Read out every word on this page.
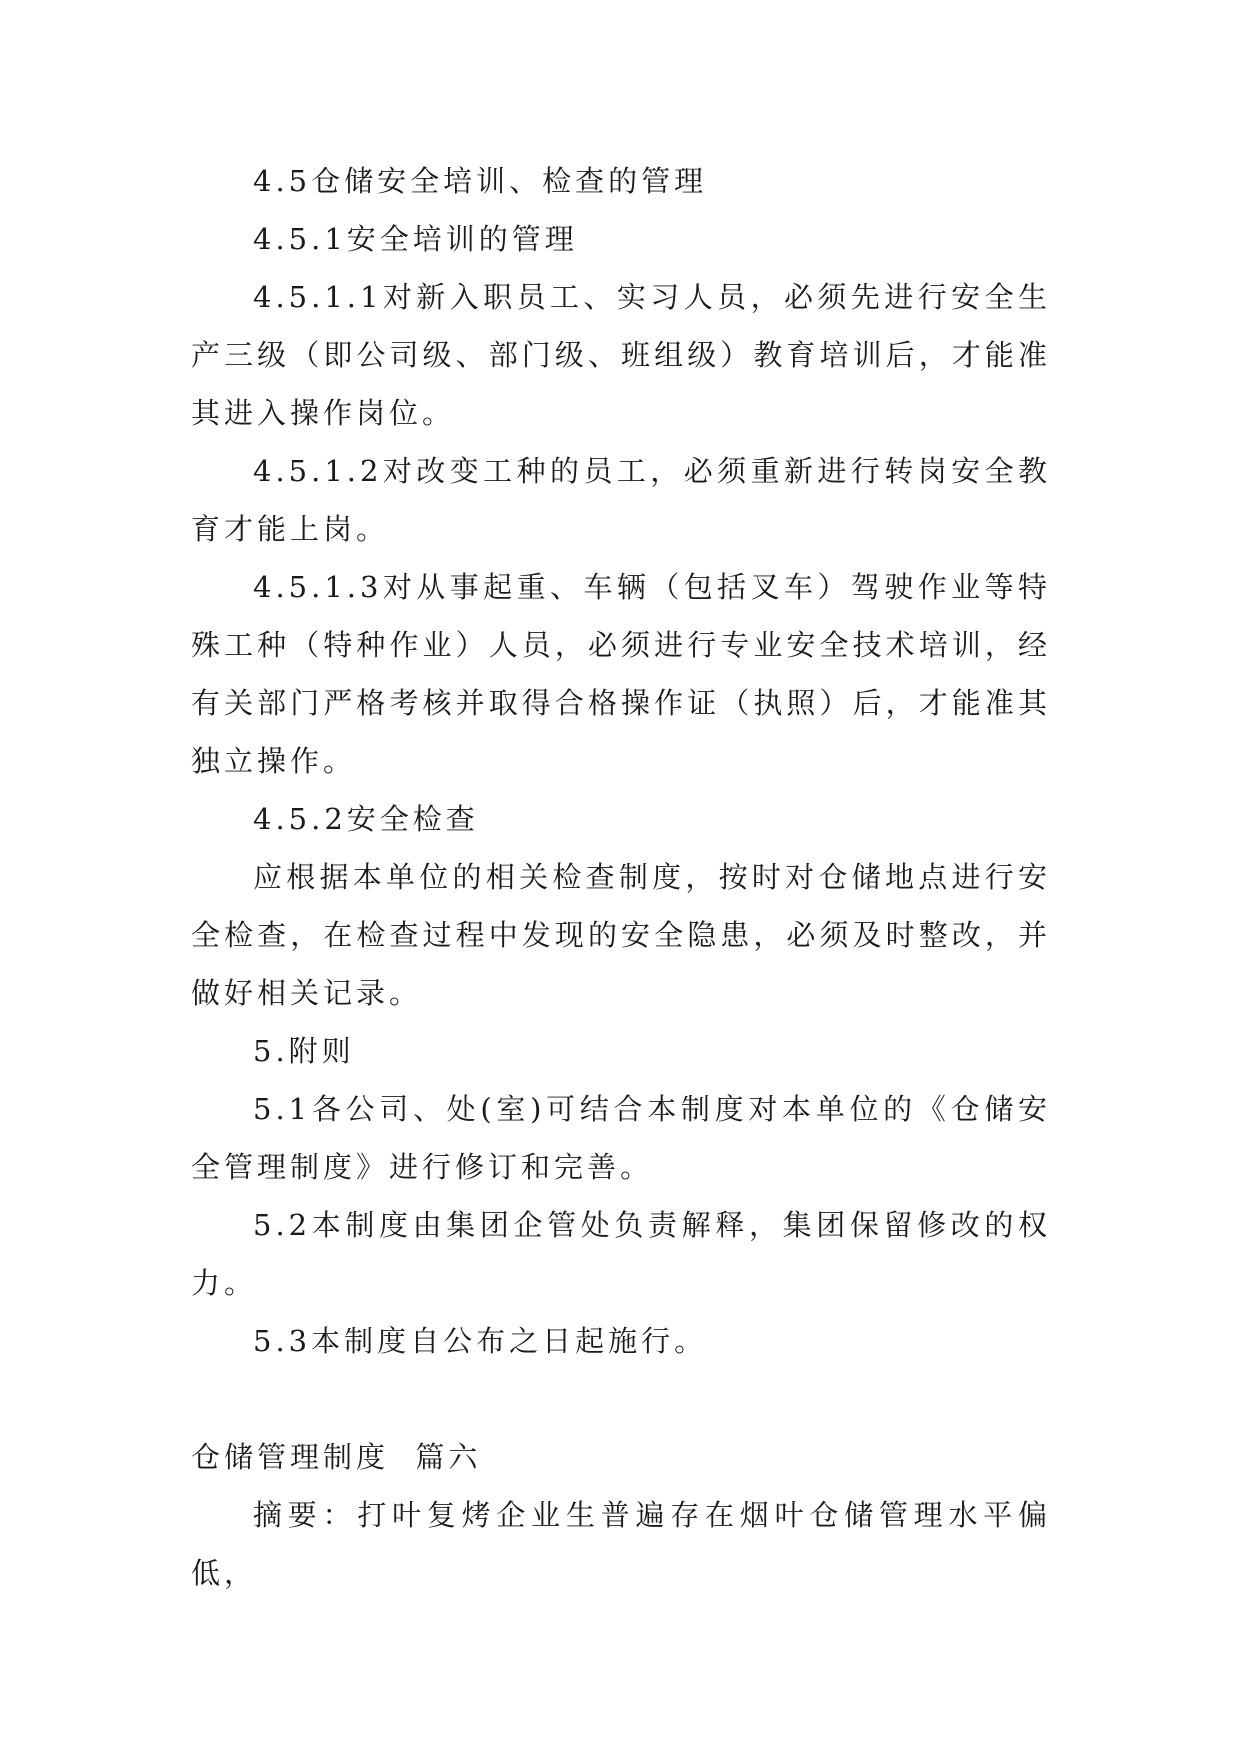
4.5仓储安全培训、检查的管理

4.5.1安全培训的管理

4.5.1.1对新入职员工、实习人员，必须先进行安全生产三级（即公司级、部门级、班组级）教育培训后，才能准其进入操作岗位。

4.5.1.2对改变工种的员工，必须重新进行转岗安全教育才能上岗。

4.5.1.3对从事起重、车辆（包括叉车）驾驶作业等特殊工种（特种作业）人员，必须进行专业安全技术培训，经有关部门严格考核并取得合格操作证（执照）后，才能准其独立操作。

4.5.2安全检查

应根据本单位的相关检查制度，按时对仓储地点进行安全检查，在检查过程中发现的安全隐患，必须及时整改，并做好相关记录。

5.附则

5.1各公司、处(室)可结合本制度对本单位的《仓储安全管理制度》进行修订和完善。

5.2本制度由集团企管处负责解释，集团保留修改的权力。

5.3本制度自公布之日起施行。

仓储管理制度  篇六

摘要：打叶复烤企业生普遍存在烟叶仓储管理水平偏低，
